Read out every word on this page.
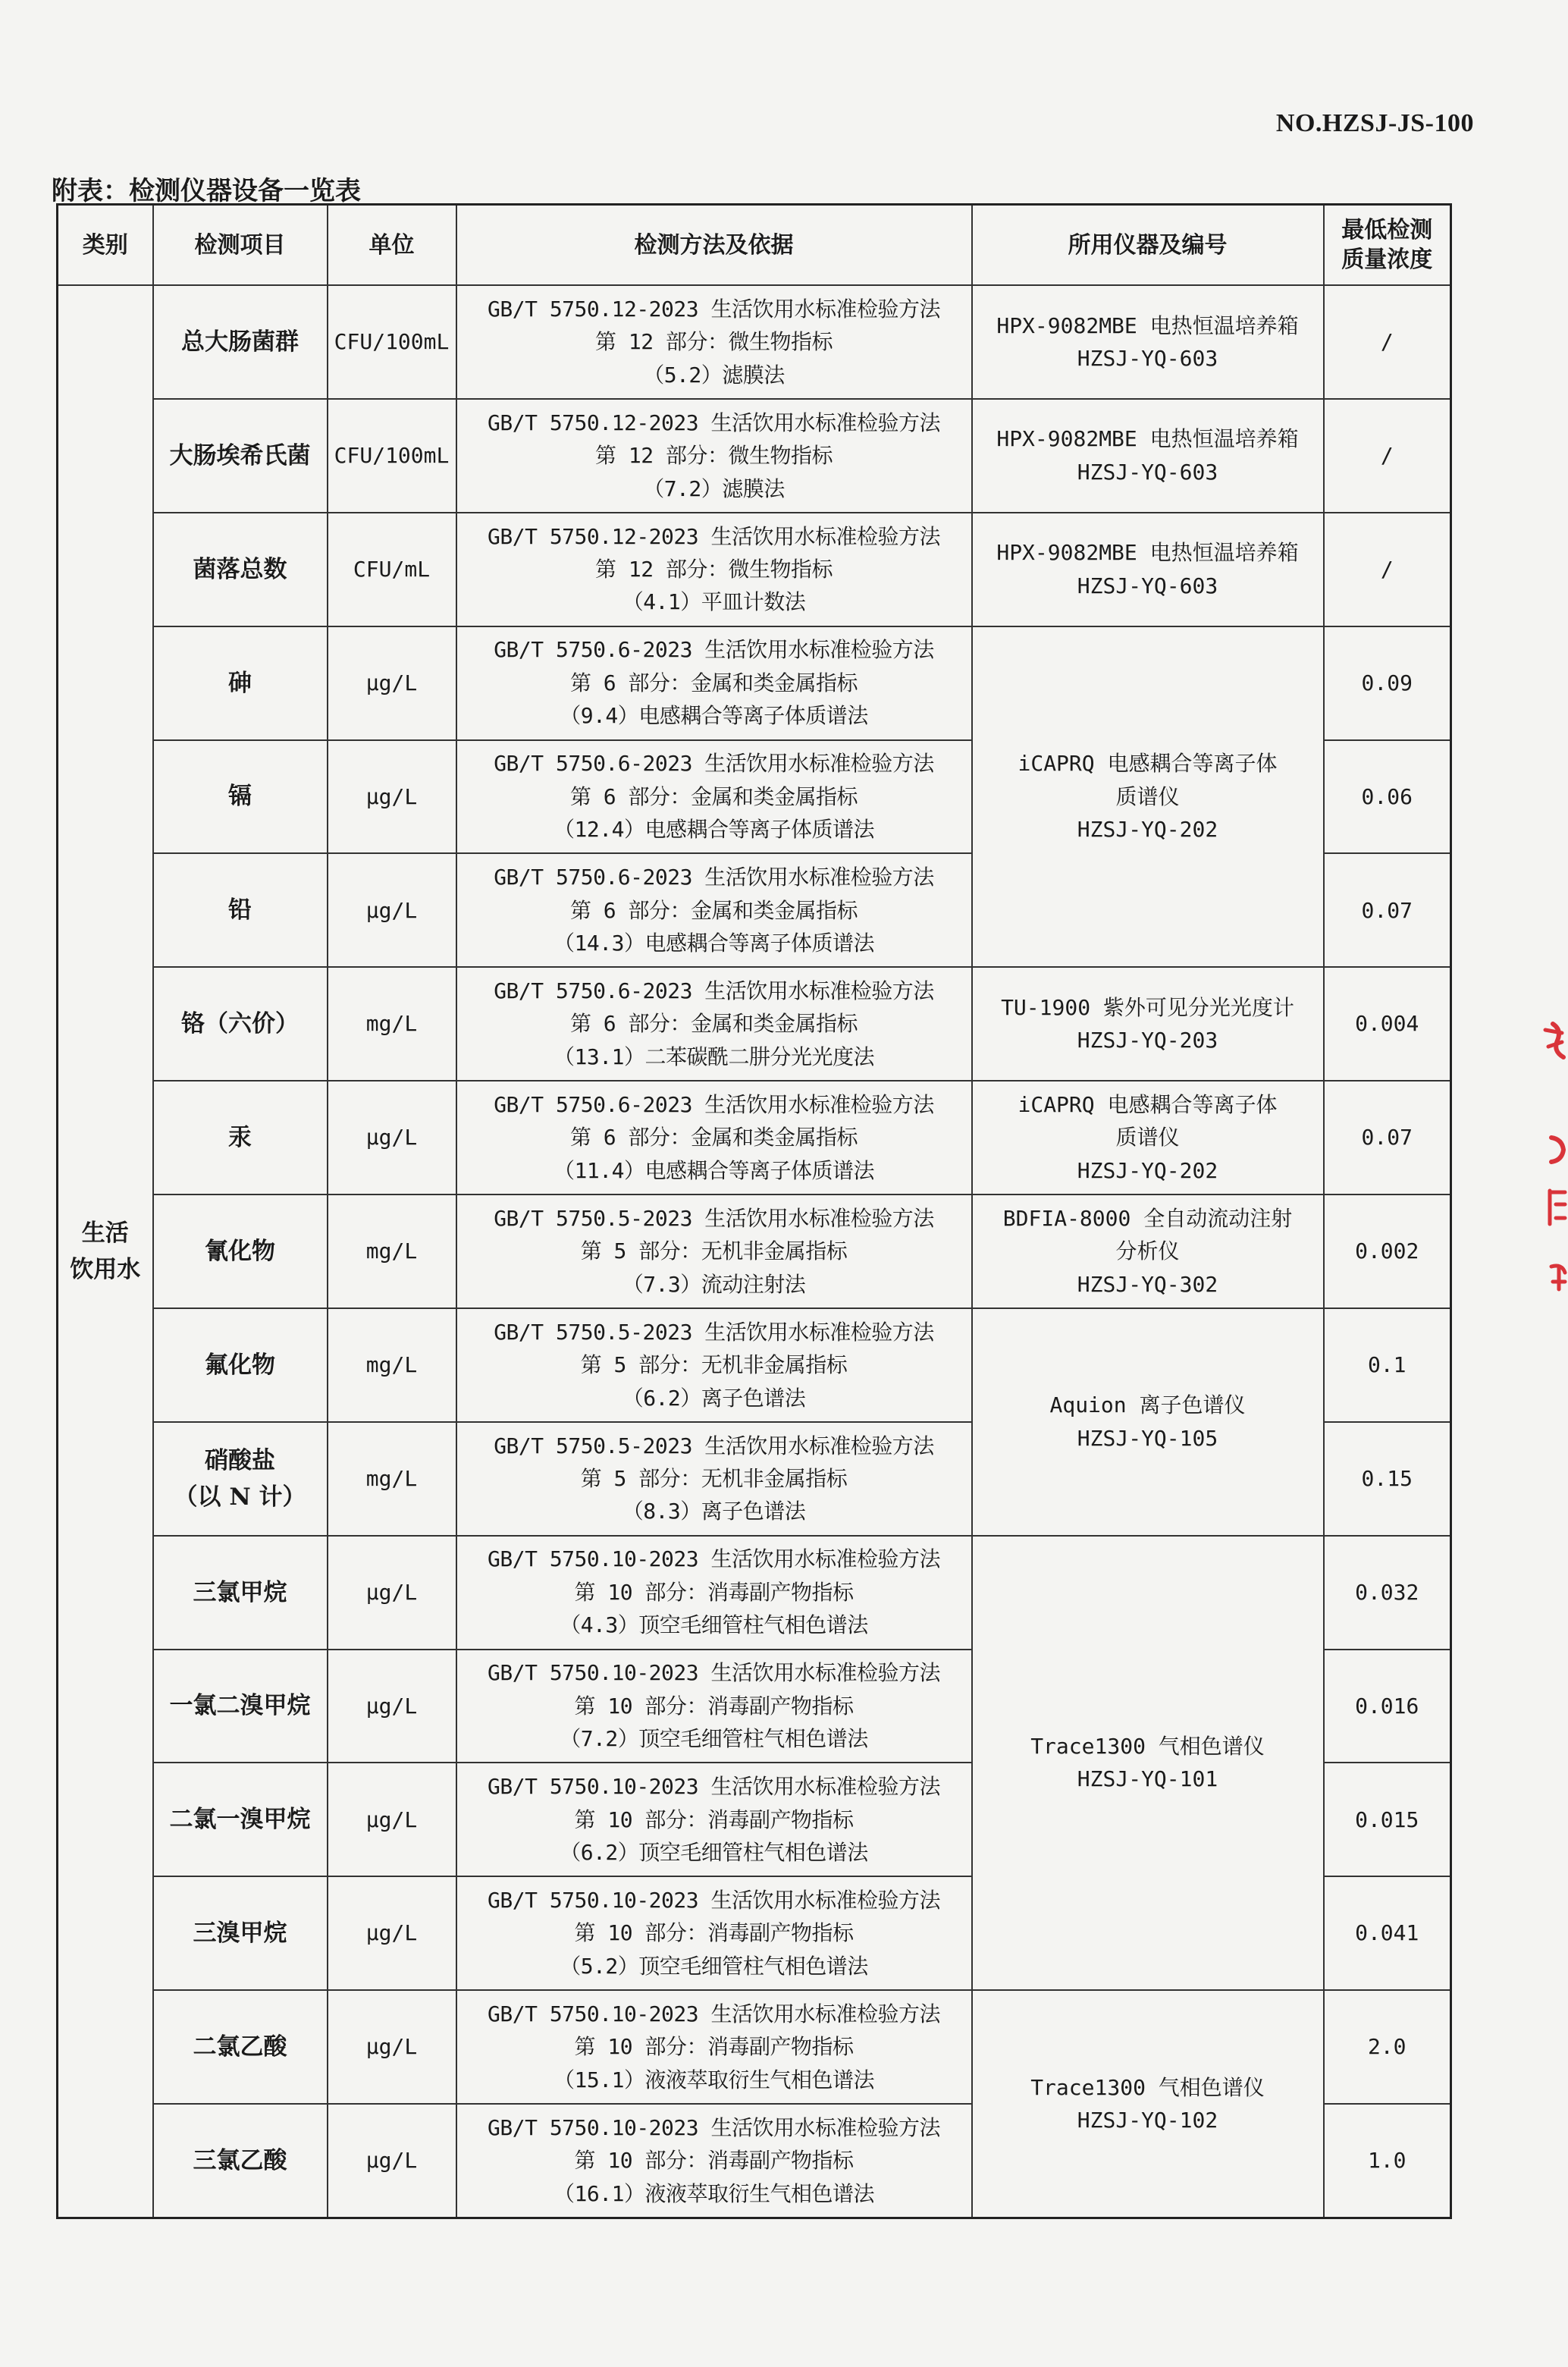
NO.HZSJ-JS-100
附表：检测仪器设备一览表
类别	检测项目	单位	检测方法及依据	所用仪器及编号	最低检测
质量浓度

生活
饮用水	总大肠菌群	CFU/100mL	GB/T 5750.12-2023 生活饮用水标准检验方法
第 12 部分：微生物指标
（5.2）滤膜法	HPX-9082MBE 电热恒温培养箱
HZSJ-YQ-603	/
	大肠埃希氏菌	CFU/100mL	GB/T 5750.12-2023 生活饮用水标准检验方法
第 12 部分：微生物指标
（7.2）滤膜法	HPX-9082MBE 电热恒温培养箱
HZSJ-YQ-603	/
	菌落总数	CFU/mL	GB/T 5750.12-2023 生活饮用水标准检验方法
第 12 部分：微生物指标
（4.1）平皿计数法	HPX-9082MBE 电热恒温培养箱
HZSJ-YQ-603	/
	砷	μg/L	GB/T 5750.6-2023 生活饮用水标准检验方法
第 6 部分：金属和类金属指标
（9.4）电感耦合等离子体质谱法	iCAPRQ 电感耦合等离子体
质谱仪
HZSJ-YQ-202	0.09
	镉	μg/L	GB/T 5750.6-2023 生活饮用水标准检验方法
第 6 部分：金属和类金属指标
（12.4）电感耦合等离子体质谱法		0.06
	铅	μg/L	GB/T 5750.6-2023 生活饮用水标准检验方法
第 6 部分：金属和类金属指标
（14.3）电感耦合等离子体质谱法		0.07
	铬（六价）	mg/L	GB/T 5750.6-2023 生活饮用水标准检验方法
第 6 部分：金属和类金属指标
（13.1）二苯碳酰二肼分光光度法	TU-1900 紫外可见分光光度计
HZSJ-YQ-203	0.004
	汞	μg/L	GB/T 5750.6-2023 生活饮用水标准检验方法
第 6 部分：金属和类金属指标
（11.4）电感耦合等离子体质谱法	iCAPRQ 电感耦合等离子体
质谱仪
HZSJ-YQ-202	0.07
	氰化物	mg/L	GB/T 5750.5-2023 生活饮用水标准检验方法
第 5 部分：无机非金属指标
（7.3）流动注射法	BDFIA-8000 全自动流动注射
分析仪
HZSJ-YQ-302	0.002
	氟化物	mg/L	GB/T 5750.5-2023 生活饮用水标准检验方法
第 5 部分：无机非金属指标
（6.2）离子色谱法	Aquion 离子色谱仪
HZSJ-YQ-105	0.1

	硝酸盐
（以 N 计）	mg/L	GB/T 5750.5-2023 生活饮用水标准检验方法
第 5 部分：无机非金属指标
（8.3）离子色谱法		0.15
	三氯甲烷	μg/L	GB/T 5750.10-2023 生活饮用水标准检验方法
第 10 部分：消毒副产物指标
（4.3）顶空毛细管柱气相色谱法	Trace1300 气相色谱仪
HZSJ-YQ-101	0.032
	一氯二溴甲烷	μg/L	GB/T 5750.10-2023 生活饮用水标准检验方法
第 10 部分：消毒副产物指标
（7.2）顶空毛细管柱气相色谱法		0.016
	二氯一溴甲烷	μg/L	GB/T 5750.10-2023 生活饮用水标准检验方法
第 10 部分：消毒副产物指标
（6.2）顶空毛细管柱气相色谱法		0.015
	三溴甲烷	μg/L	GB/T 5750.10-2023 生活饮用水标准检验方法
第 10 部分：消毒副产物指标
（5.2）顶空毛细管柱气相色谱法		0.041
	二氯乙酸	μg/L	GB/T 5750.10-2023 生活饮用水标准检验方法
第 10 部分：消毒副产物指标
（15.1）液液萃取衍生气相色谱法	Trace1300 气相色谱仪
HZSJ-YQ-102	2.0
	三氯乙酸	μg/L	GB/T 5750.10-2023 生活饮用水标准检验方法
第 10 部分：消毒副产物指标
（16.1）液液萃取衍生气相色谱法		1.0
